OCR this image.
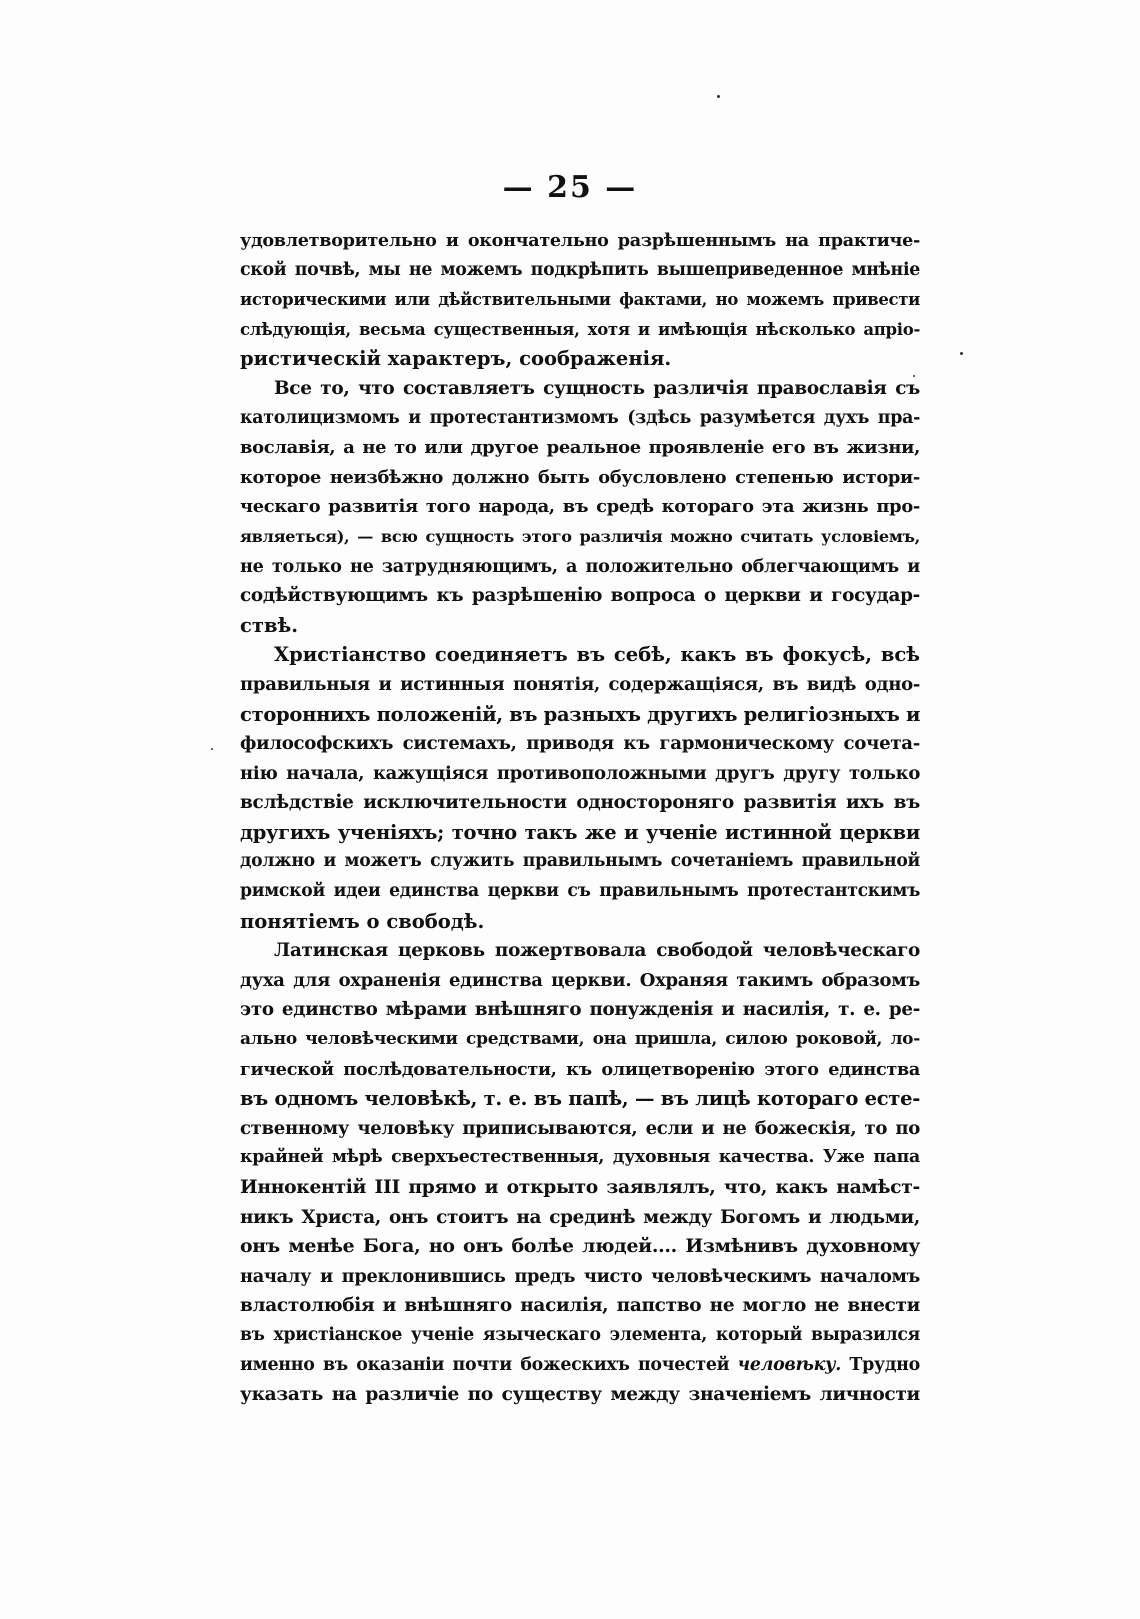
— 25 —
удовлетворительно и окончательно разрѣшеннымъ на практиче-
ской почвѣ, мы не можемъ подкрѣпить вышеприведенное мнѣніе
историческими или дѣйствительными фактами, но можемъ привести
слѣдующія, весьма существенныя, хотя и имѣющія нѣсколько апріо-
ристическій характеръ, соображенія.
Все то, что составляетъ сущность различія православія съ
католицизмомъ и протестантизмомъ (здѣсь разумѣется духъ пра-
вославія, а не то или другое реальное проявленіе его въ жизни,
которое неизбѣжно должно быть обусловлено степенью истори-
ческаго развитія того народа, въ средѣ котораго эта жизнь про-
являеться), — всю сущность этого различія можно считать условіемъ,
не только не затрудняющимъ, а положительно облегчающимъ и
содѣйствующимъ къ разрѣшенію вопроса о церкви и государ-
ствѣ.
Христіанство соединяетъ въ себѣ, какъ въ фокусѣ, всѣ
правильныя и истинныя понятія, содержащіяся, въ видѣ одно-
стороннихъ положеній, въ разныхъ другихъ религіозныхъ и
философскихъ системахъ, приводя къ гармоническому сочета-
нію начала, кажущіяся противоположными другъ другу только
вслѣдствіе исключительности одностороняго развитія ихъ въ
другихъ ученіяхъ; точно такъ же и ученіе истинной церкви
должно и можетъ служить правильнымъ сочетаніемъ правильной
римской идеи единства церкви съ правильнымъ протестантскимъ
понятіемъ о свободѣ.
Латинская церковь пожертвовала свободой человѣческаго
духа для охраненія единства церкви. Охраняя такимъ образомъ
это единство мѣрами внѣшняго понужденія и насилія, т. е. ре-
ально человѣческими средствами, она пришла, силою роковой, ло-
гической послѣдовательности, къ олицетворенію этого единства
въ одномъ человѣкѣ, т. е. въ папѣ, — въ лицѣ котораго есте-
ственному человѣку приписываются, если и не божескія, то по
крайней мѣрѣ сверхъестественныя, духовныя качества. Уже папа
Иннокентій III прямо и открыто заявлялъ, что, какъ намѣст-
никъ Христа, онъ стоитъ на срединѣ между Богомъ и людьми,
онъ менѣе Бога, но онъ болѣе людей.... Измѣнивъ духовному
началу и преклонившись предъ чисто человѣческимъ началомъ
властолюбія и внѣшняго насилія, папство не могло не внести
въ христіанское ученіе языческаго элемента, который выразился
именно въ оказаніи почти божескихъ почестей человѣку. Трудно
указать на различіе по существу между значеніемъ личности
